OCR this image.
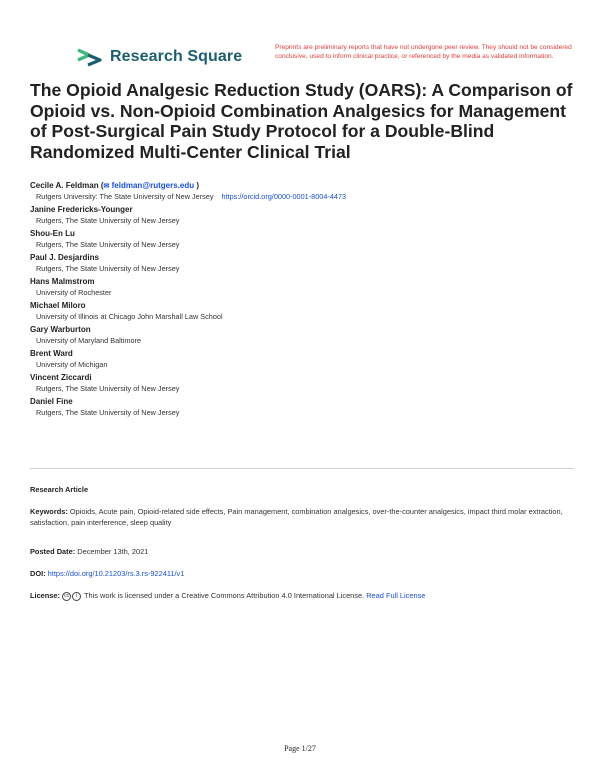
Research Square
Preprints are preliminary reports that have not undergone peer review. They should not be considered conclusive, used to inform clinical practice, or referenced by the media as validated information.
The Opioid Analgesic Reduction Study (OARS): A Comparison of Opioid vs. Non-Opioid Combination Analgesics for Management of Post-Surgical Pain Study Protocol for a Double-Blind Randomized Multi-Center Clinical Trial
Cecile A. Feldman (✉ feldman@rutgers.edu )
Rutgers University: The State University of New Jersey https://orcid.org/0000-0001-8004-4473
Janine Fredericks-Younger
Rutgers, The State University of New Jersey
Shou-En Lu
Rutgers, The State University of New Jersey
Paul J. Desjardins
Rutgers, The State University of New Jersey
Hans Malmstrom
University of Rochester
Michael Miloro
University of Illinois at Chicago John Marshall Law School
Gary Warburton
University of Maryland Baltimore
Brent Ward
University of Michigan
Vincent Ziccardi
Rutgers, The State University of New Jersey
Daniel Fine
Rutgers, The State University of New Jersey
Research Article
Keywords: Opioids, Acute pain, Opioid-related side effects, Pain management, combination analgesics, over-the-counter analgesics, impact third molar extraction, satisfaction, pain interference, sleep quality
Posted Date: December 13th, 2021
DOI: https://doi.org/10.21203/rs.3.rs-922411/v1
License: cc i This work is licensed under a Creative Commons Attribution 4.0 International License. Read Full License
Page 1/27
